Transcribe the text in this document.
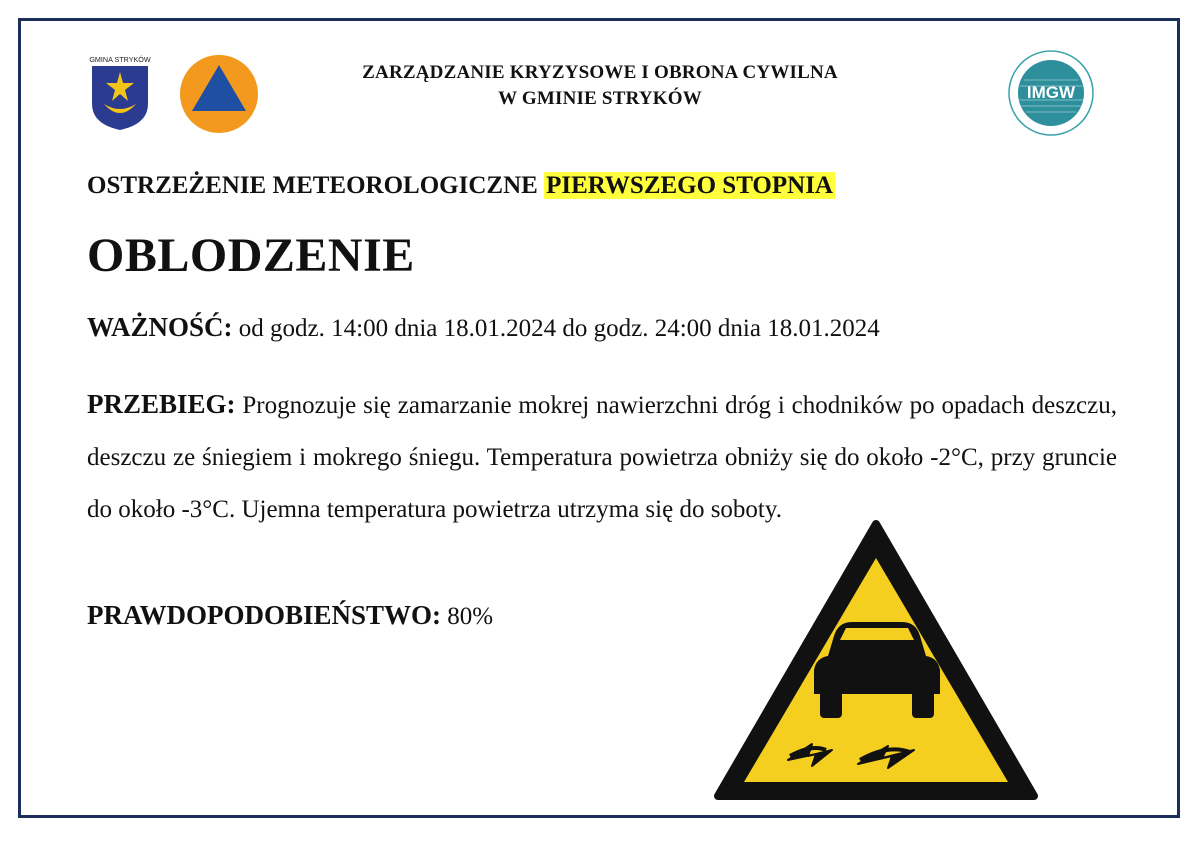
GMINA STRYKÓW
ZARZĄDZANIE KRYZYSOWE I OBRONA CYWILNA
W GMINIE STRYKÓW	IMGW
OSTRZEŻENIE METEOROLOGICZNE PIERWSZEGO STOPNIA
OBLODZENIE
WAŻNOŚĆ: od godz. 14:00 dnia 18.01.2024 do godz. 24:00 dnia 18.01.2024
PRZEBIEG: Prognozuje się zamarzanie mokrej nawierzchni dróg i chodników po opadach deszczu, deszczu ze śniegiem i mokrego śniegu. Temperatura powietrza obniży się do około -2°C, przy gruncie do około -3°C. Ujemna temperatura powietrza utrzyma się do soboty.
PRAWDOPODOBIEŃSTWO: 80%
